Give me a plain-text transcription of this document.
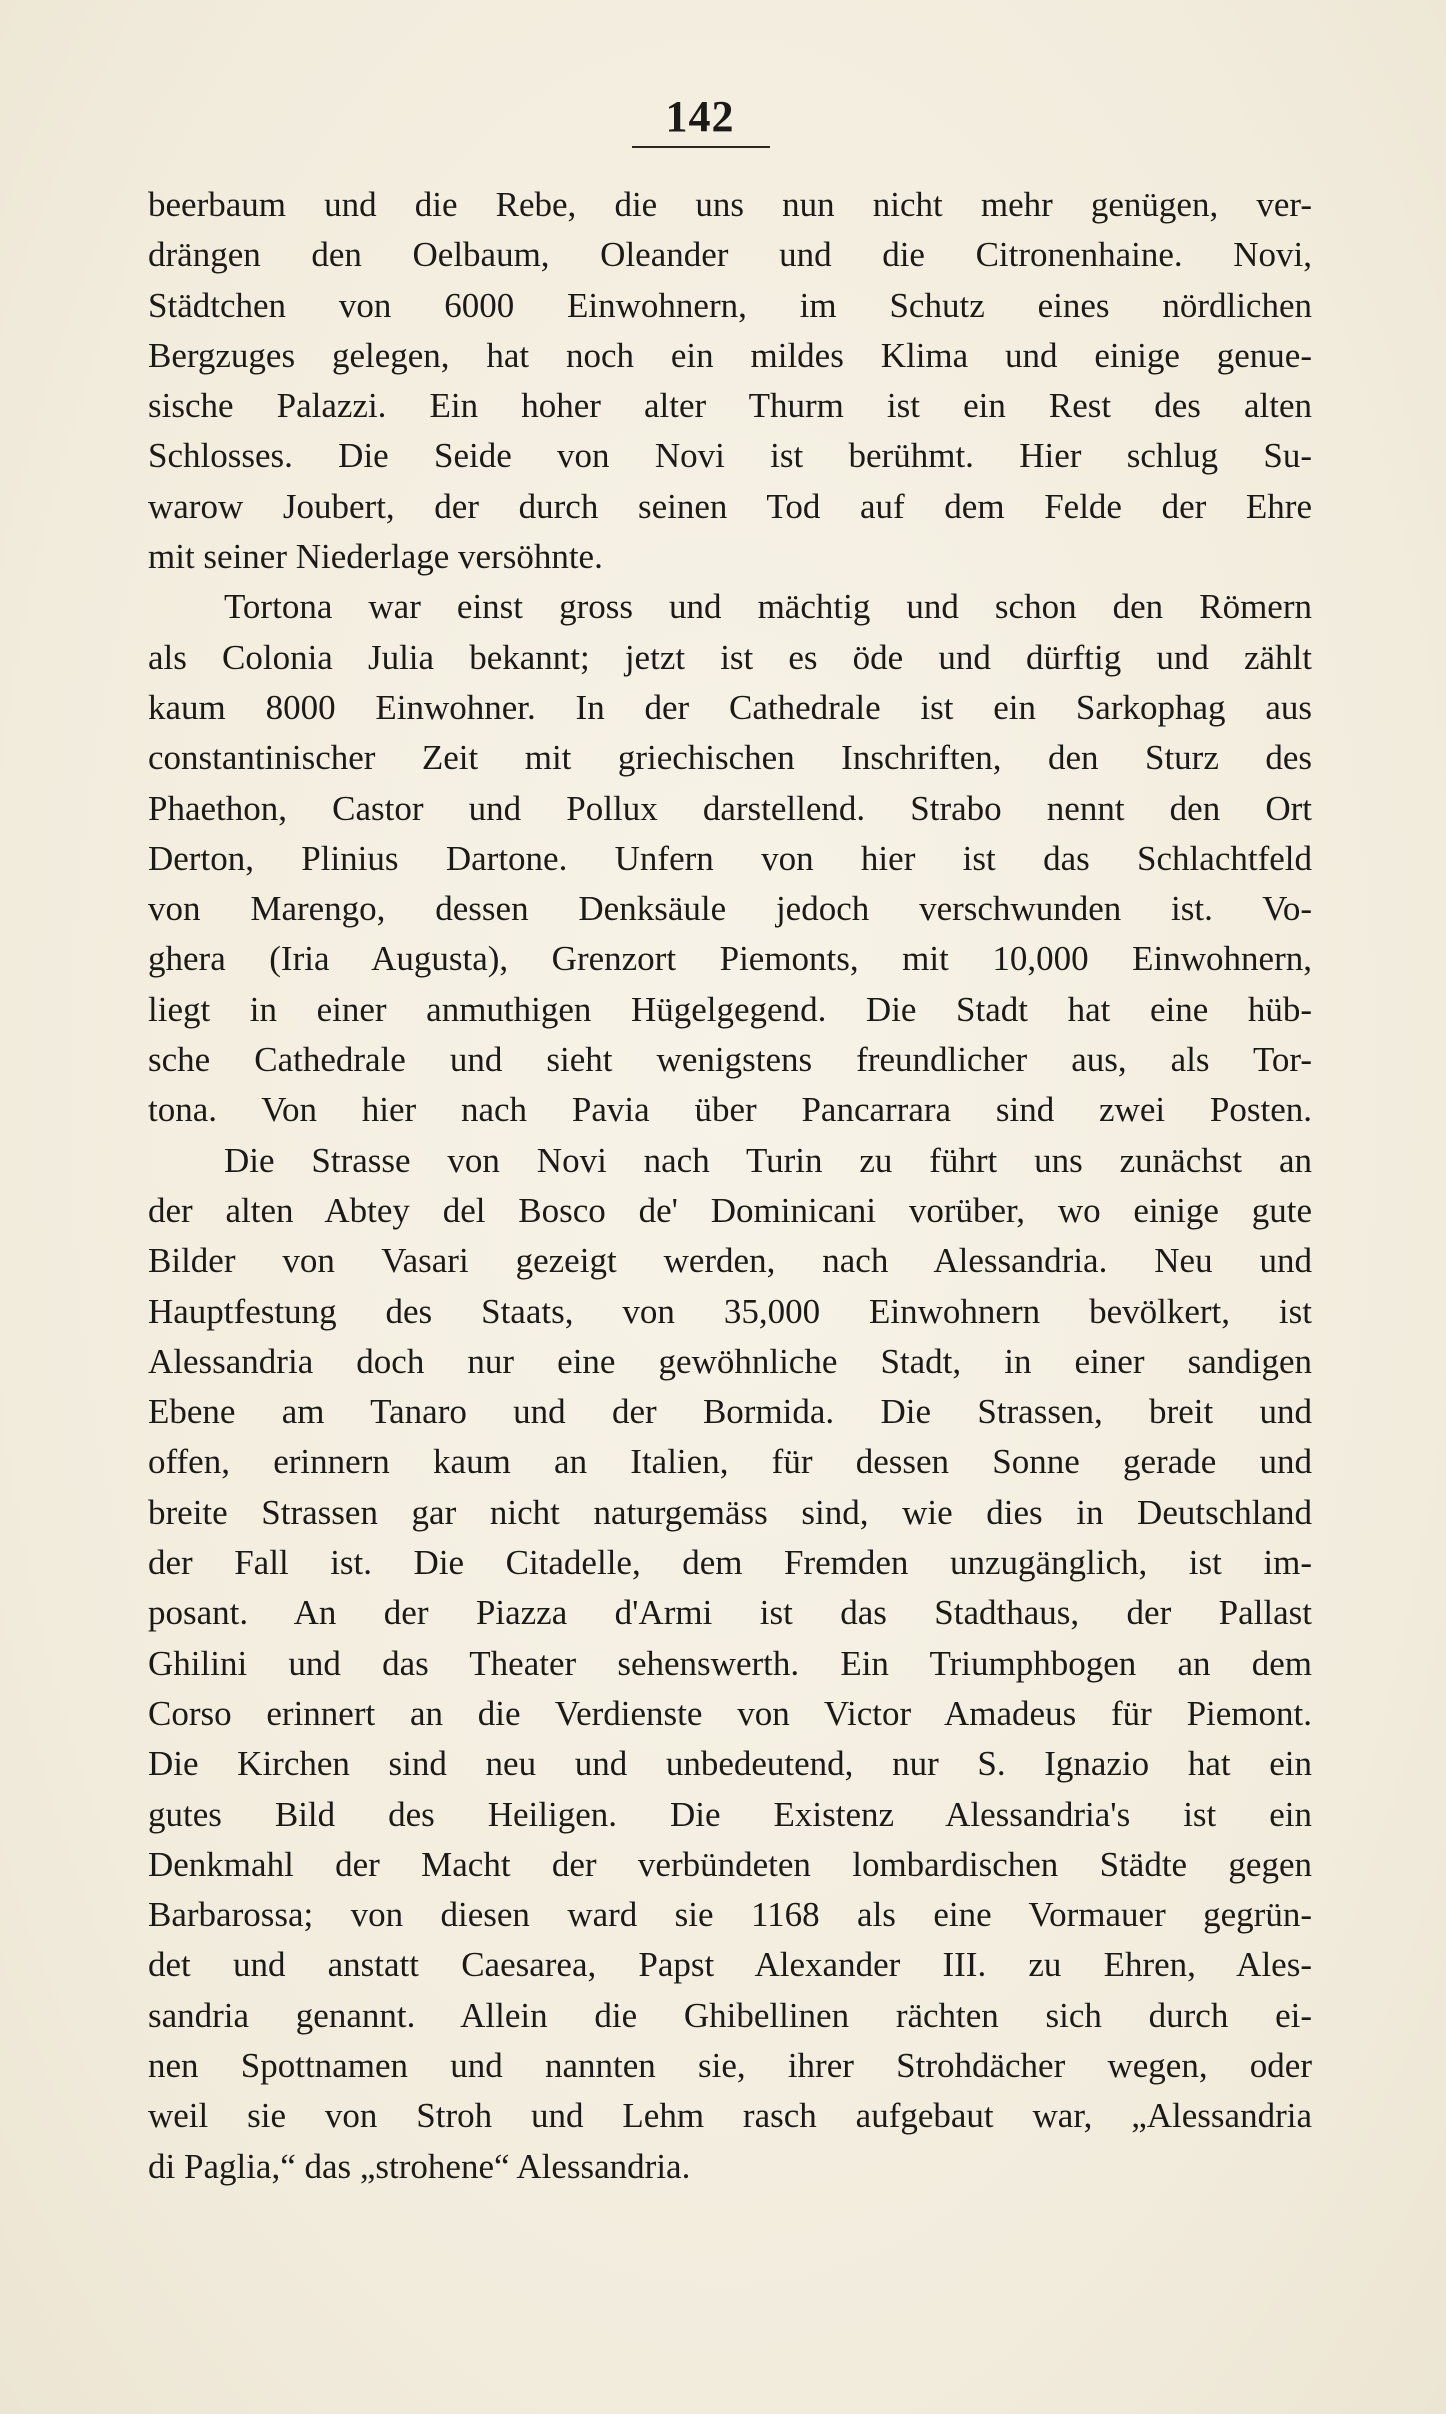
142
beerbaum und die Rebe, die uns nun nicht mehr genügen, ver-
drängen den Oelbaum, Oleander und die Citronenhaine. Novi,
Städtchen von 6000 Einwohnern, im Schutz eines nördlichen
Bergzuges gelegen, hat noch ein mildes Klima und einige genue-
sische Palazzi. Ein hoher alter Thurm ist ein Rest des alten
Schlosses. Die Seide von Novi ist berühmt. Hier schlug Su-
warow Joubert, der durch seinen Tod auf dem Felde der Ehre
mit seiner Niederlage versöhnte.
Tortona war einst gross und mächtig und schon den Römern
als Colonia Julia bekannt; jetzt ist es öde und dürftig und zählt
kaum 8000 Einwohner. In der Cathedrale ist ein Sarkophag aus
constantinischer Zeit mit griechischen Inschriften, den Sturz des
Phaethon, Castor und Pollux darstellend. Strabo nennt den Ort
Derton, Plinius Dartone. Unfern von hier ist das Schlachtfeld
von Marengo, dessen Denksäule jedoch verschwunden ist. Vo-
ghera (Iria Augusta), Grenzort Piemonts, mit 10,000 Einwohnern,
liegt in einer anmuthigen Hügelgegend. Die Stadt hat eine hüb-
sche Cathedrale und sieht wenigstens freundlicher aus, als Tor-
tona. Von hier nach Pavia über Pancarrara sind zwei Posten.
Die Strasse von Novi nach Turin zu führt uns zunächst an
der alten Abtey del Bosco de' Dominicani vorüber, wo einige gute
Bilder von Vasari gezeigt werden, nach Alessandria. Neu und
Hauptfestung des Staats, von 35,000 Einwohnern bevölkert, ist
Alessandria doch nur eine gewöhnliche Stadt, in einer sandigen
Ebene am Tanaro und der Bormida. Die Strassen, breit und
offen, erinnern kaum an Italien, für dessen Sonne gerade und
breite Strassen gar nicht naturgemäss sind, wie dies in Deutschland
der Fall ist. Die Citadelle, dem Fremden unzugänglich, ist im-
posant. An der Piazza d'Armi ist das Stadthaus, der Pallast
Ghilini und das Theater sehenswerth. Ein Triumphbogen an dem
Corso erinnert an die Verdienste von Victor Amadeus für Piemont.
Die Kirchen sind neu und unbedeutend, nur S. Ignazio hat ein
gutes Bild des Heiligen. Die Existenz Alessandria's ist ein
Denkmahl der Macht der verbündeten lombardischen Städte gegen
Barbarossa; von diesen ward sie 1168 als eine Vormauer gegrün-
det und anstatt Caesarea, Papst Alexander III. zu Ehren, Ales-
sandria genannt. Allein die Ghibellinen rächten sich durch ei-
nen Spottnamen und nannten sie, ihrer Strohdächer wegen, oder
weil sie von Stroh und Lehm rasch aufgebaut war, „Alessandria
di Paglia,“ das „strohene“ Alessandria.
